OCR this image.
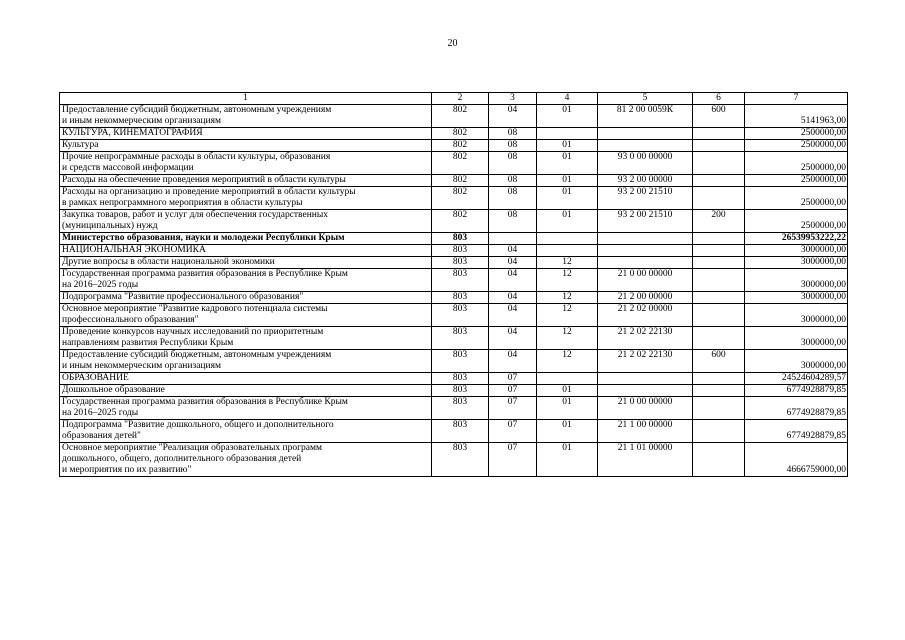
20
1	2	3	4	5	6	7
Предоставление субсидий бюджетным, автономным учреждениям
и иным некоммерческим организациям	802	04	01	81 2 00 0059К	600	5141963,00
КУЛЬТУРА, КИНЕМАТОГРАФИЯ	802	08				2500000,00
Культура	802	08	01			2500000,00
Прочие непрограммные расходы в области культуры, образования
и средств массовой информации	802	08	01	93 0 00 00000		2500000,00
Расходы на обеспечение проведения мероприятий в области культуры	802	08	01	93 2 00 00000		2500000,00
Расходы на организацию и проведение мероприятий в области культуры
в рамках непрограммного мероприятия в области культуры	802	08	01	93 2 00 21510		2500000,00
Закупка товаров, работ и услуг для обеспечения государственных
(муниципальных) нужд	802	08	01	93 2 00 21510	200	2500000,00
Министерство образования, науки и молодежи Республики Крым	803					26539953222,22
НАЦИОНАЛЬНАЯ ЭКОНОМИКА	803	04				3000000,00
Другие вопросы в области национальной экономики	803	04	12			3000000,00
Государственная программа развития образования в Республике Крым
на 2016–2025 годы	803	04	12	21 0 00 00000		3000000,00
Подпрограмма "Развитие профессионального образования"	803	04	12	21 2 00 00000		3000000,00
Основное мероприятие "Развитие кадрового потенциала системы
профессионального образования"	803	04	12	21 2 02 00000		3000000,00
Проведение конкурсов научных исследований по приоритетным
направлениям развития Республики Крым	803	04	12	21 2 02 22130		3000000,00
Предоставление субсидий бюджетным, автономным учреждениям
и иным некоммерческим организациям	803	04	12	21 2 02 22130	600	3000000,00
ОБРАЗОВАНИЕ	803	07				24524604289,57
Дошкольное образование	803	07	01			6774928879,85
Государственная программа развития образования в Республике Крым
на 2016–2025 годы	803	07	01	21 0 00 00000		6774928879,85
Подпрограмма "Развитие дошкольного, общего и дополнительного
образования детей"	803	07	01	21 1 00 00000		6774928879,85
Основное мероприятие "Реализация образовательных программ
дошкольного, общего, дополнительного образования детей
и мероприятия по их развитию"	803	07	01	21 1 01 00000		4666759000,00
